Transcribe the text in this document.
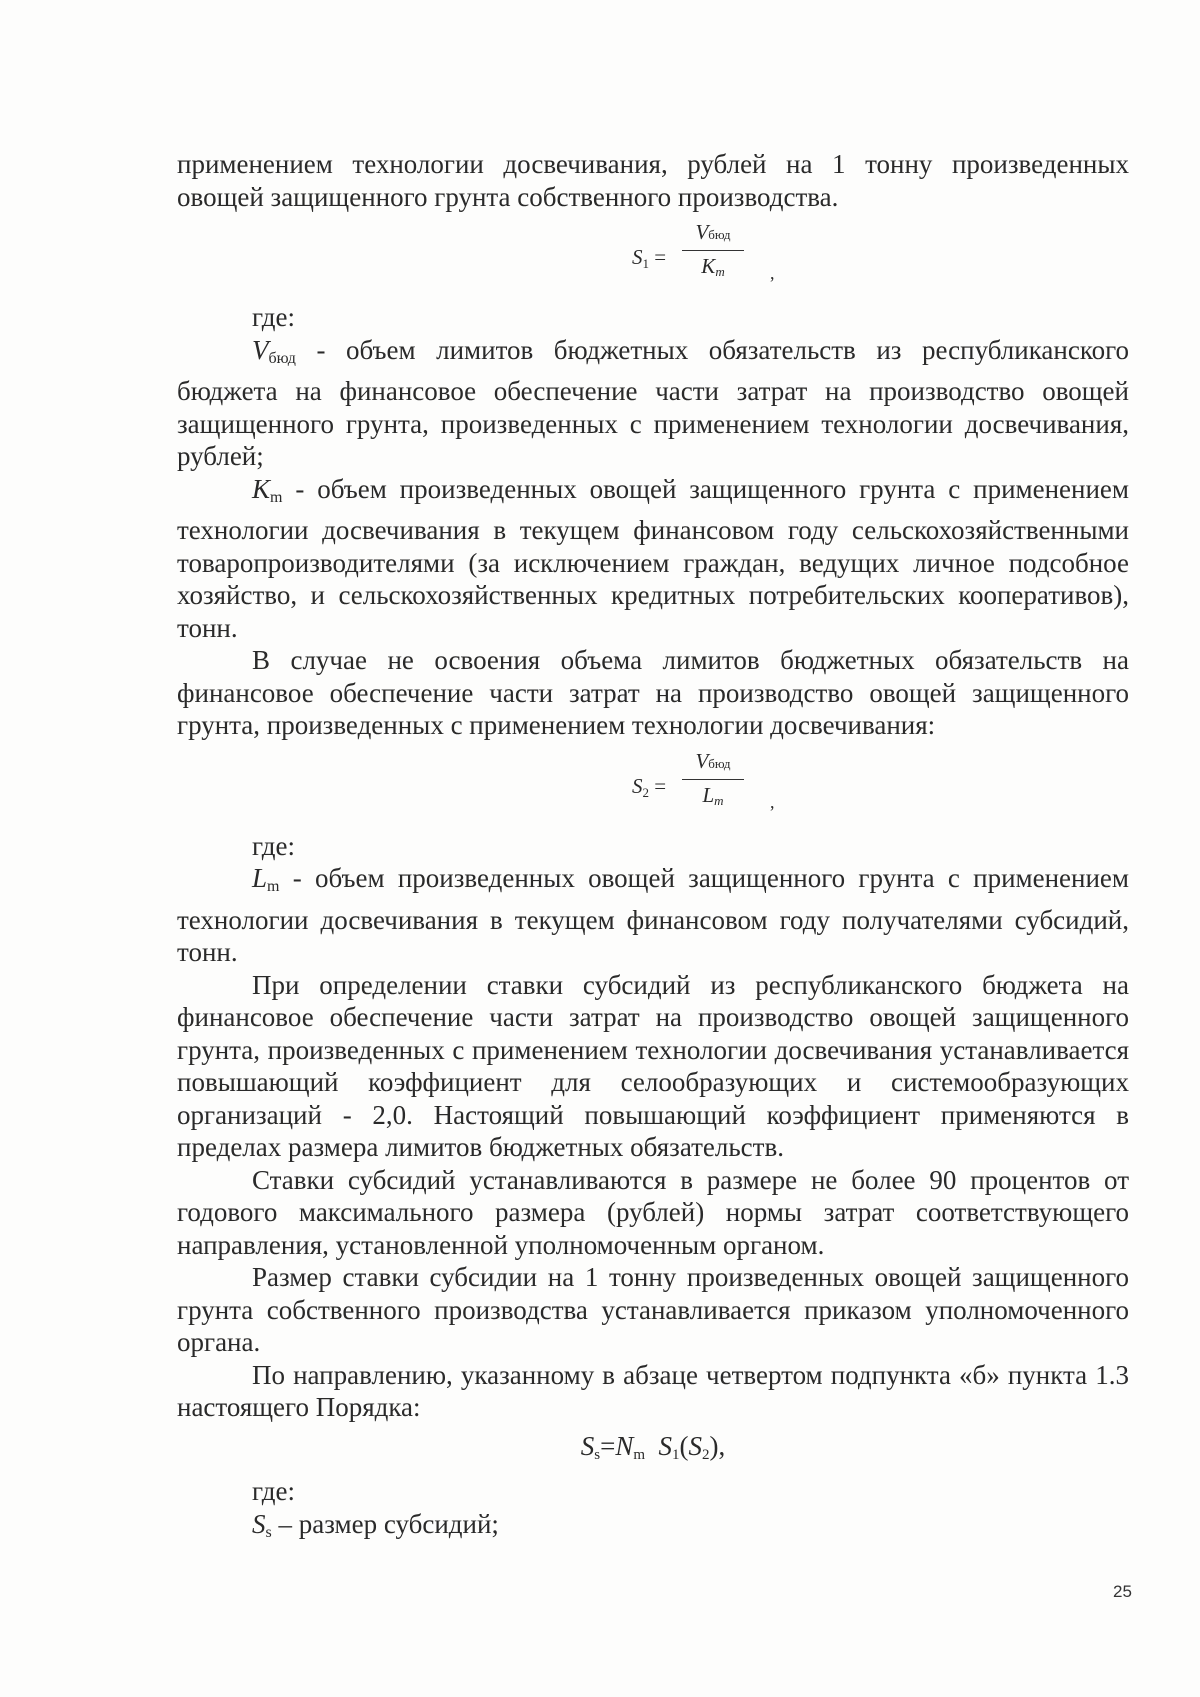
применением технологии досвечивания, рублей на 1 тонну произведенных овощей защищенного грунта собственного производства.

S1 =
Vбюд
Km	,

где:

$V_{бюд}$ - объем лимитов бюджетных обязательств из республиканского бюджета на финансовое обеспечение части затрат на производство овощей защищенного грунта, произведенных с применением технологии досвечивания, рублей;

$K_m$ - объем произведенных овощей защищенного грунта с применением технологии досвечивания в текущем финансовом году сельскохозяйственными товаропроизводителями (за исключением граждан, ведущих личное подсобное хозяйство, и сельскохозяйственных кредитных потребительских кооперативов), тонн.

В случае не освоения объема лимитов бюджетных обязательств на финансовое обеспечение части затрат на производство овощей защищенного грунта, произведенных с применением технологии досвечивания:

S2 =
Vбюд
Lm	,

где:

$L_m$ - объем произведенных овощей защищенного грунта с применением технологии досвечивания в текущем финансовом году получателями субсидий, тонн.

При определении ставки субсидий из республиканского бюджета на финансовое обеспечение части затрат на производство овощей защищенного грунта, произведенных с применением технологии досвечивания устанавливается повышающий коэффициент для селообразующих и системообразующих организаций - 2,0. Настоящий повышающий коэффициент применяются в пределах размера лимитов бюджетных обязательств.

Ставки субсидий устанавливаются в размере не более 90 процентов от годового максимального размера (рублей) нормы затрат соответствующего направления, установленной уполномоченным органом.

Размер ставки субсидии на 1 тонну произведенных овощей защищенного грунта собственного производства устанавливается приказом уполномоченного органа.

По направлению, указанному в абзаце четвертом подпункта «б» пункта 1.3 настоящего Порядка:

Ss=Nm S1(S2),

где:

$S_s$ – размер субсидий;

25
